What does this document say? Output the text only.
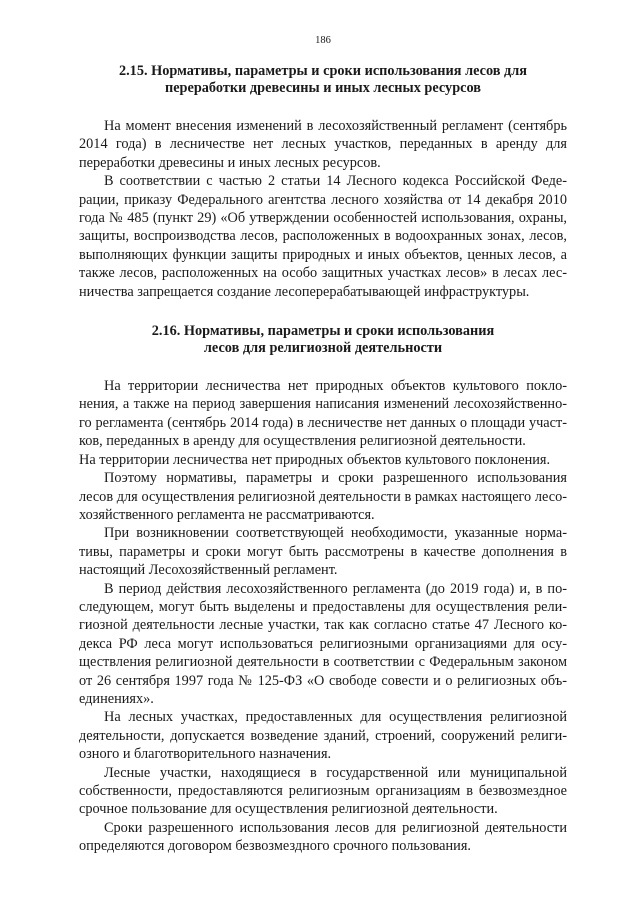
186
2.15. Нормативы, параметры и сроки использования лесов для
переработки древесины и иных лесных ресурсов

На момент внесения изменений в лесохозяйственный регламент (сентябрь 2014 года) в лесничестве нет лесных участков, переданных в аренду для переработки древесины и иных лесных ресурсов.

В соответствии с частью 2 статьи 14 Лесного кодекса Российской Федерации, приказу Федерального агентства лесного хозяйства от 14 декабря 2010 года № 485 (пункт 29) «Об утверждении особенностей использования, охраны, защиты, воспроизводства лесов, расположенных в водоохранных зонах, лесов, выполняющих функции защиты природных и иных объектов, ценных лесов, а также лесов, расположенных на особо защитных участках лесов» в лесах лесничества запрещается создание лесоперерабатывающей инфраструктуры.

2.16. Нормативы, параметры и сроки использования
лесов для религиозной деятельности

На территории лесничества нет природных объектов культового поклонения, а также на период завершения написания изменений лесохозяйственного регламента (сентябрь 2014 года) в лесничестве нет данных о площади участков, переданных в аренду для осуществления религиозной деятельности.

На территории лесничества нет природных объектов культового поклонения.

Поэтому нормативы, параметры и сроки разрешенного использования лесов для осуществления религиозной деятельности в рамках настоящего лесохозяйственного регламента не рассматриваются.

При возникновении соответствующей необходимости, указанные нормативы, параметры и сроки могут быть рассмотрены в качестве дополнения в настоящий Лесохозяйственный регламент.

В период действия лесохозяйственного регламента (до 2019 года) и, в последующем, могут быть выделены и предоставлены для осуществления религиозной деятельности лесные участки, так как согласно статье 47 Лесного кодекса РФ леса могут использоваться религиозными организациями для осуществления религиозной деятельности в соответствии с Федеральным законом от 26 сентября 1997 года № 125-ФЗ «О свободе совести и о религиозных объединениях».

На лесных участках, предоставленных для осуществления религиозной деятельности, допускается возведение зданий, строений, сооружений религиозного и благотворительного назначения.

Лесные участки, находящиеся в государственной или муниципальной собственности, предоставляются религиозным организациям в безвозмездное срочное пользование для осуществления религиозной деятельности.

Сроки разрешенного использования лесов для религиозной деятельности определяются договором безвозмездного срочного пользования.
